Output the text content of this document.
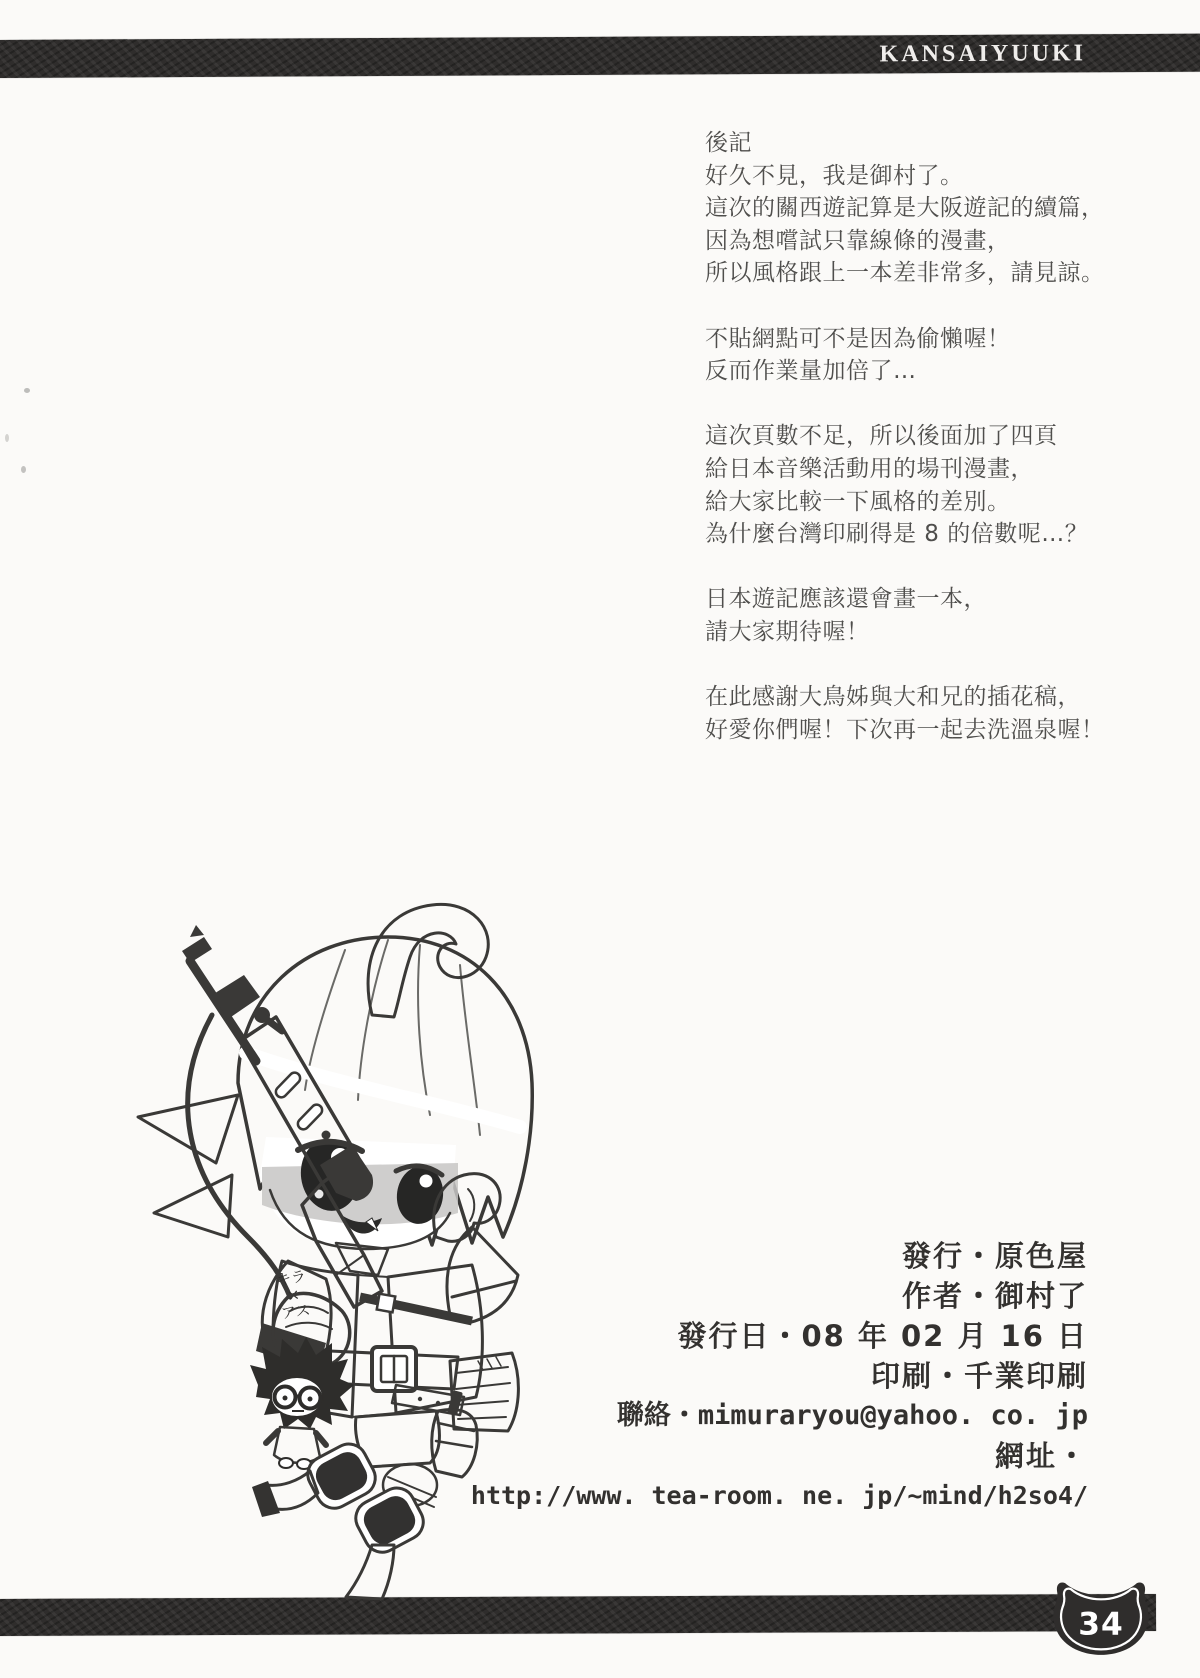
KANSAIYUUKI
後記
好久不見，我是御村了。
這次的關西遊記算是大阪遊記的續篇，
因為想嚐試只靠線條的漫畫，
所以風格跟上一本差非常多，請見諒。
不貼網點可不是因為偷懶喔！
反而作業量加倍了…
這次頁數不足，所以後面加了四頁
給日本音樂活動用的場刊漫畫，
給大家比較一下風格的差別。
為什麼台灣印刷得是 8 的倍數呢…？
日本遊記應該還會畫一本，
請大家期待喔！
在此感謝大鳥姊與大和兄的插花稿，
好愛你們喔！下次再一起去洗溫泉喔！
キラ
×
アス
發行・原色屋
作者・御村了
發行日・08 年 02 月 16 日
印刷・千業印刷
聯絡・mimuraryou@yahoo. co. jp
網址・
http://www. tea-room. ne. jp/~mind/h2so4/
34
